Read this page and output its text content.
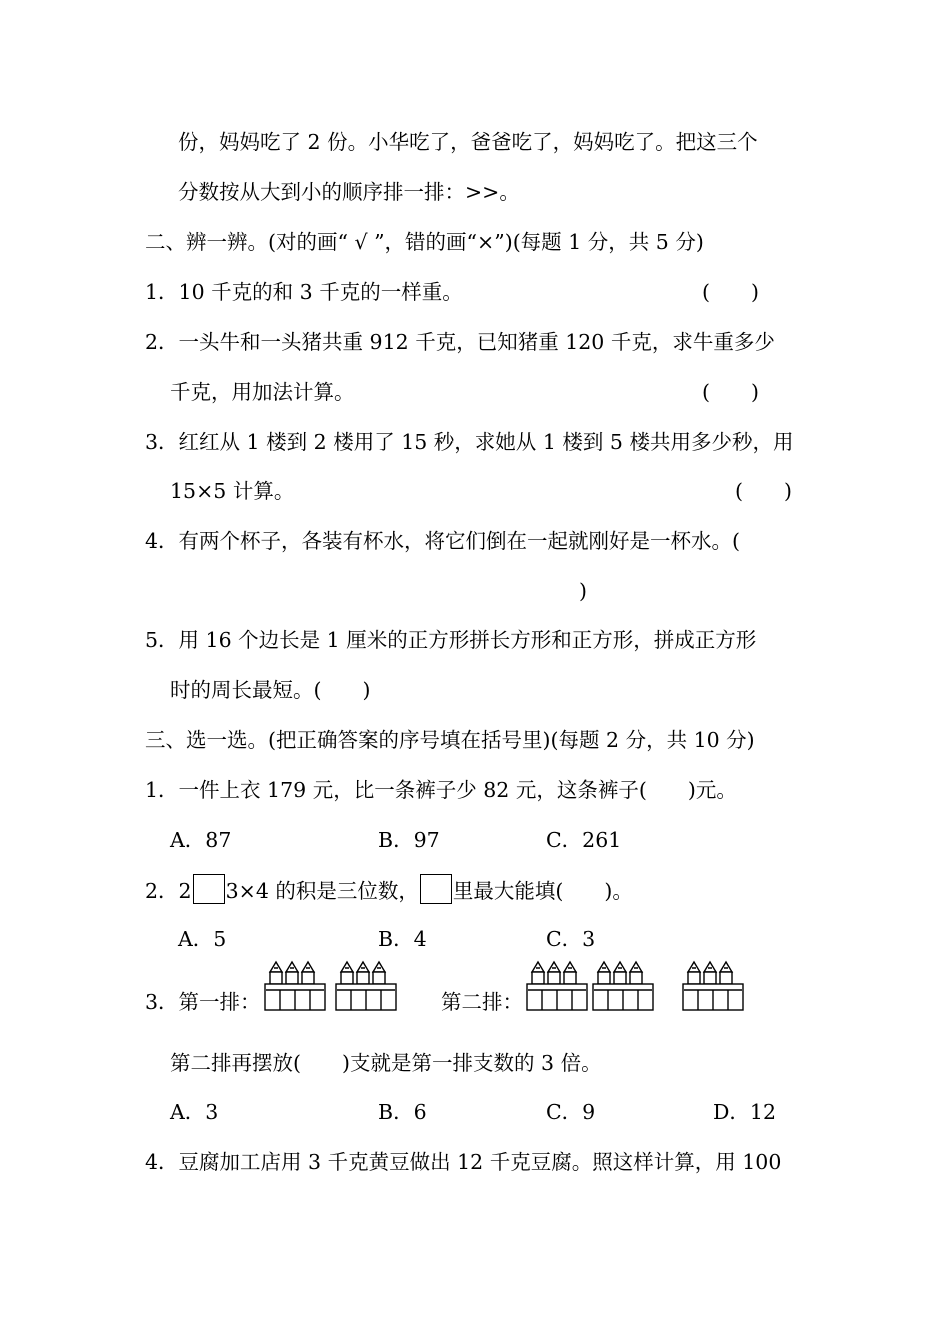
份，妈妈吃了 2 份。小华吃了，爸爸吃了，妈妈吃了。把这三个
分数按从大到小的顺序排一排：>>。
二、辨一辨。(对的画“ √ ”，错的画“×”)(每题 1 分，共 5 分)
1．10 千克的和 3 千克的一样重。	(　　)
2．一头牛和一头猪共重 912 千克，已知猪重 120 千克，求牛重多少
千克，用加法计算。	(　　)
3．红红从 1 楼到 2 楼用了 15 秒，求她从 1 楼到 5 楼共用多少秒，用
15×5 计算。	(　　)
4．有两个杯子，各装有杯水，将它们倒在一起就刚好是一杯水。(
)
5．用 16 个边长是 1 厘米的正方形拼长方形和正方形，拼成正方形
时的周长最短。(　　)
三、选一选。(把正确答案的序号填在括号里)(每题 2 分，共 10 分)
1．一件上衣 179 元，比一条裤子少 82 元，这条裤子(　　)元。
A．87	B．97	C．261
2．2 3×4 的积是三位数， 里最大能填(　　)。
A．5	B．4	C．3
3．第一排：	第二排：
第二排再摆放(　　)支就是第一排支数的 3 倍。
A．3	B．6	C．9	D．12
4．豆腐加工店用 3 千克黄豆做出 12 千克豆腐。照这样计算，用 100
